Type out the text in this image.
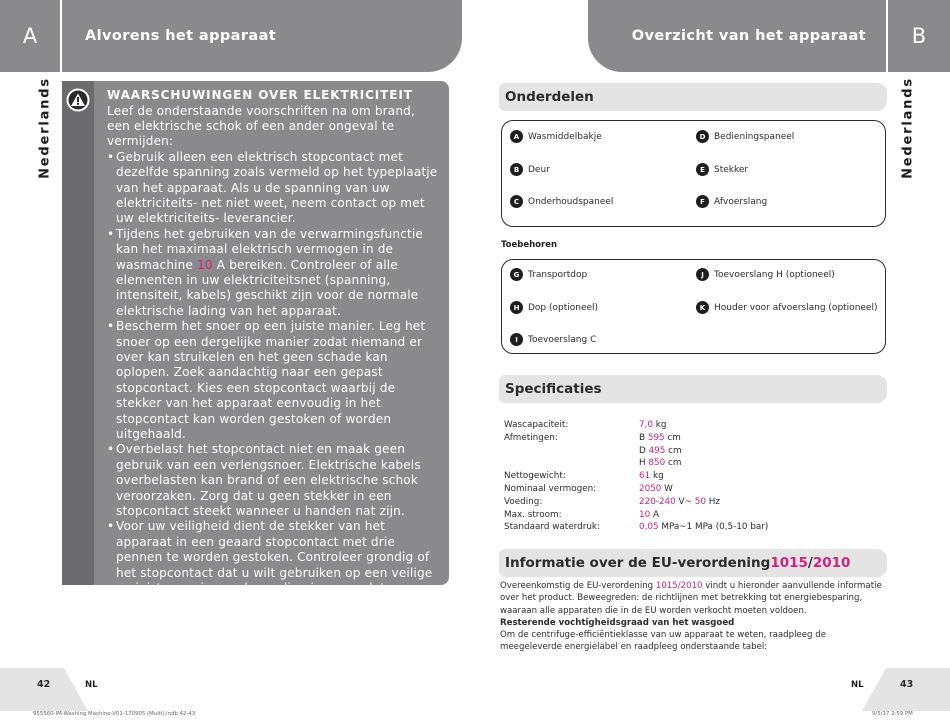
A	Alvorens het apparaat	Overzicht van het apparaat	B
Nederlands	Nederlands
WAARSCHUWINGEN OVER ELEKTRICITEIT
Leef de onderstaande voorschriften na om brand, een elektrische schok of een ander ongeval te vermijden:
• Gebruik alleen een elektrisch stopcontact met dezelfde spanning zoals vermeld op het typeplaatje van het apparaat. Als u de spanning van uw elektriciteits- net niet weet, neem contact op met uw elektriciteits- leverancier.
• Tijdens het gebruiken van de verwarmingsfunctie kan het maximaal elektrisch vermogen in de wasmachine 10 A bereiken. Controleer of alle elementen in uw elektriciteitsnet (spanning, intensiteit, kabels) geschikt zijn voor de normale elektrische lading van het apparaat.
• Bescherm het snoer op een juiste manier. Leg het snoer op een dergelijke manier zodat niemand er over kan struikelen en het geen schade kan oplopen. Zoek aandachtig naar een gepast stopcontact. Kies een stopcontact waarbij de stekker van het apparaat eenvoudig in het stopcontact kan worden gestoken of worden uitgehaald.
• Overbelast het stopcontact niet en maak geen gebruik van een verlengsnoer. Elektrische kabels overbelasten kan brand of een elektrische schok veroorzaken. Zorg dat u geen stekker in een stopcontact steekt wanneer u handen nat zijn.
• Voor uw veiligheid dient de stekker van het apparaat in een geaard stopcontact met drie pennen te worden gestoken. Controleer grondig of het stopcontact dat u wilt gebruiken op een veilige en juiste manier op de aarding is aangesloten.
Onderdelen
A Wasmiddelbakje	D Bedieningspaneel
B Deur	E	Stekker
C Onderhoudspaneel	F	Afvoerslang
Toebehoren
G Transportdop	J	Toevoerslang H (optioneel)
H Dop (optioneel)	K Houder voor afvoerslang (optioneel)
I	Toevoerslang C
Specificaties
Wascapaciteit:	7,0 kg
Afmetingen:	B 595 cm
D 495 cm
H 850 cm
Nettogewicht:	61 kg
Nominaal vermogen:	2050 W
Voeding:	220-240 V~ 50 Hz
Max. stroom:	10 A
Standaard waterdruk:	0,05 MPa~1 MPa (0,5-10 bar)
Informatie over de EU-verordening 1015 / 2010
Overeenkomstig de EU-verordening 1015/2010 vindt u hieronder aanvullende informatie over het product. Beweegreden: de richtlijnen met betrekking tot energiebesparing, waaraan alle apparaten die in de EU worden verkocht moeten voldoen.
Resterende vochtigheidsgraad van het wasgoed
Om de centrifuge-efficiëntieklasse van uw apparaat te weten, raadpleeg de meegeleverde energielabel en raadpleeg onderstaande tabel:
42	NL	NL	43
955560-IM-Washing Machine-V01-170905 (Multi).indb 42-43	9/5/17 2:59 PM
